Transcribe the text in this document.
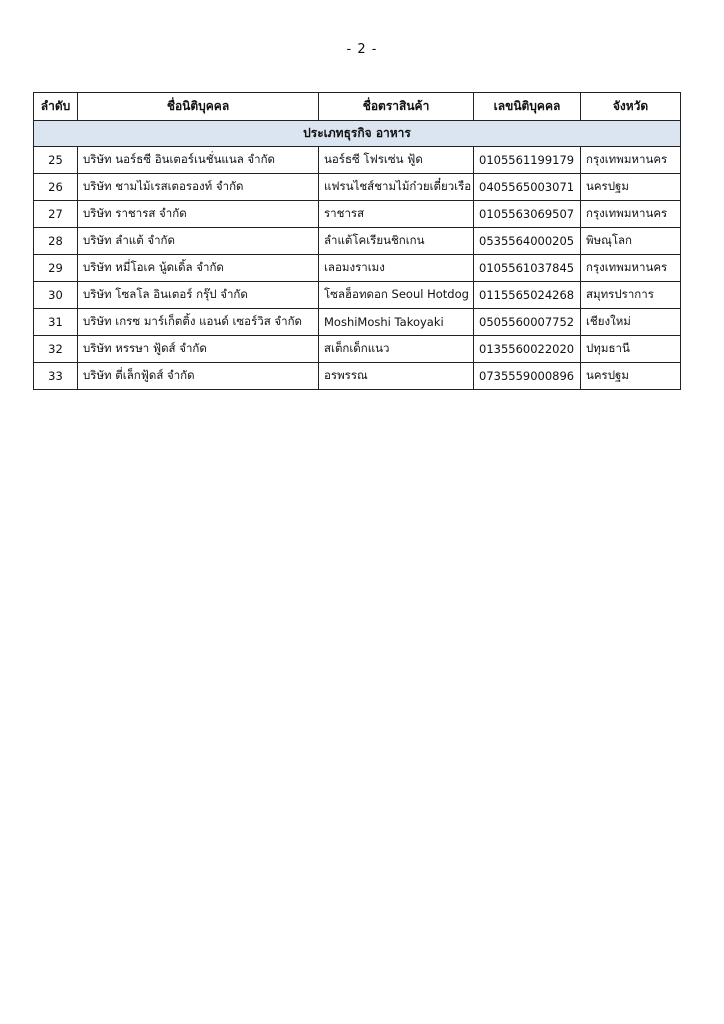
- 2 -
ลำดับ	ชื่อนิติบุคคล	ชื่อตราสินค้า	เลขนิติบุคคล	จังหวัด
ประเภทธุรกิจ อาหาร				
25	บริษัท นอร์ธซี อินเตอร์เนชั่นแนล จำกัด	นอร์ธซี โฟรเซ่น ฟู้ด	0105561199179	กรุงเทพมหานคร
26	บริษัท ชามไม้เรสเตอรองท์ จำกัด	แฟรนไชส์ชามไม้ก๋วยเตี๋ยวเรือ	0405565003071	นครปฐม
27	บริษัท ราชารส จำกัด	ราชารส	0105563069507	กรุงเทพมหานคร
28	บริษัท ลำแต้ จำกัด	ลำแต้โคเรียนชิกเกน	0535564000205	พิษณุโลก
29	บริษัท หมี่โอเค นู้ดเดิ้ล จำกัด	เลอมงราเมง	0105561037845	กรุงเทพมหานคร
30	บริษัท โซลโล อินเตอร์ กรุ๊ป จำกัด	โซลฮ็อทดอก Seoul Hotdog	0115565024268	สมุทรปราการ
31	บริษัท เกรซ มาร์เก็ตติ้ง แอนด์ เซอร์วิส จำกัด	MoshiMoshi Takoyaki	0505560007752	เชียงใหม่
32	บริษัท หรรษา ฟู้ดส์ จำกัด	สเต็กเด็กแนว	0135560022020	ปทุมธานี
33	บริษัท ตี่เล็กฟู้ดส์ จำกัด	อรพรรณ	0735559000896	นครปฐม
